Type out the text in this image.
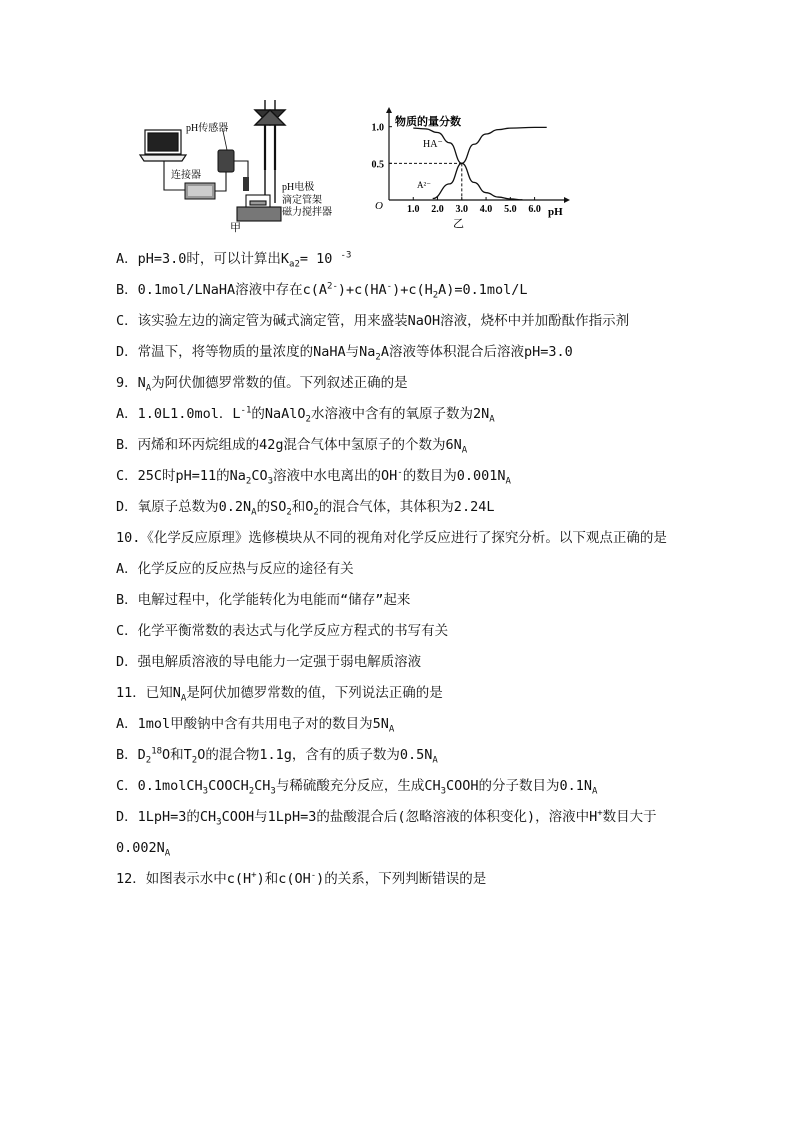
pH传感器
连接器
pH电极
滴定管架
磁力搅拌器
甲
物质的量分数
O	pH
乙
HA⁻
A²⁻
1.0 2.0 3.0 4.0 5.0 6.0
1.0
0.5
A．pH=3.0时，可以计算出$K_{a2}= 10$ $^{-3}$
B．0.1mol/LNaHA溶液中存在$c(A^{2-})+c(HA^-)+c(H_2A)=0.1mol/L$
C．该实验左边的滴定管为碱式滴定管，用来盛装NaOH溶液，烧杯中并加酚酞作指示剂
D．常温下，将等物质的量浓度的NaHA与$Na_2A$溶液等体积混合后溶液pH=3.0
9．$N_A$为阿伏伽德罗常数的值。下列叙述正确的是
A．1.0L1.0mol．$L^{-1}$的NaAlO$_2$水溶液中含有的氧原子数为$2N_A$
B．丙烯和环丙烷组成的42g混合气体中氢原子的个数为$6N_A$
C．25C时pH=11的$Na_2CO_3$溶液中水电离出的OH-的数目为$0.001N_A$
D．氧原子总数为$0.2N_A$的$SO_2$和$O_2$的混合气体，其体积为2.24L
10.《化学反应原理》选修模块从不同的视角对化学反应进行了探究分析。以下观点正确的是
A．化学反应的反应热与反应的途径有关
B．电解过程中，化学能转化为电能而“储存”起来
C．化学平衡常数的表达式与化学反应方程式的书写有关
D．强电解质溶液的导电能力一定强于弱电解质溶液
11．已知$N_A$是阿伏加德罗常数的值，下列说法正确的是
A．1mol甲酸钠中含有共用电子对的数目为$5N_A$
B．$D_2^{18}O$和$T_2O$的混合物1.1g，含有的质子数为$0.5N_A$
C．$0.1molCH_3COOCH_2CH_3$与稀硫酸充分反应，生成$CH_3COOH$的分子数目为$0.1N_A$
D．1LpH=3的$CH_3COOH$与1LpH=3的盐酸混合后(忽略溶液的体积变化)，溶液中H+数目大于
$0.002N_A$
12．如图表示水中c(H+)和c(OH-)的关系，下列判断错误的是
